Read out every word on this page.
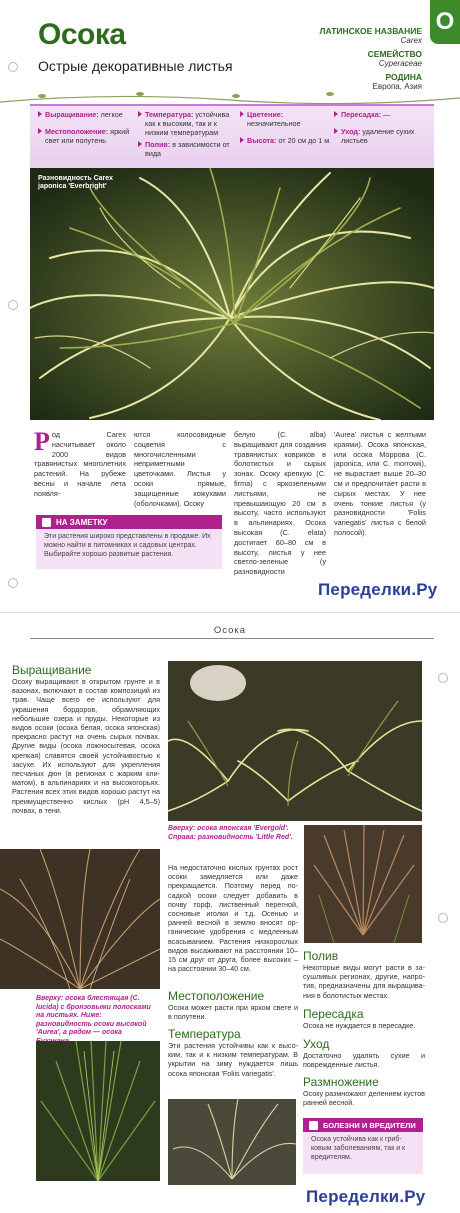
Осока
Острые декоративные листья
ЛАТИНСКОЕ НАЗВАНИЕ
Carex
СЕМЕЙСТВО
Cyperaceae
РОДИНА
Европа, Азия
О
Выращивание: легкое
Местоположение: яркий свет или полутень
Температура: устойчива как к высоким, так и к низким температурам
Полив: в зависимости от вида
Цветение: незначительное
Высота: от 20 см до 1 м
Пересадка: —
Уход: удаление сухих листьев
Разновидность Carex japonica 'Everbright'
Род Carex насчитывает около 2000 видов травянистых многолетних растений. На рубеже весны и начале лета появля-
ются колосовидные соцветия с многочисленными неприметными цветочками. Листья у осоки прямые, защищенные кожухами (оболочками). Осоку
белую (C. alba) выращивают для создания травянистых ковриков в болотистых и сырых зонах. Осоку крепкую (C. firma) с яркозелеными листьями, не превышающую 20 см в высоту, часто используют в альпинариях. Осока высокая (C. elata) достигает 60–80 см в высоту, листья у нее светло-зеленые (у разновидности
'Aurea' листья с желтыми краями). Осока японская, или осока Моррова (C. japonica, или C. morrowii), не вырастает выше 20–30 см и предпочитает расти в сырых местах. У нее очень тонкие листья (у разновидности 'Foliis variegatis' листья с белой полосой).
НА ЗАМЕТКУ
Эти растения широко представлены в продаже. Их можно найти в питомниках и садовых центрах. Выбирайте хорошо развитые растения.
Переделки.Ру
Осока
Выращивание
Осоку выращивают в открытом грунте и в вазонах, включают в состав композиций из трав. Чаще всего ее используют для украшения бордоров, обрамляющих небольшие озера и пруды. Некоторые из видов осоки (осока белая, осока японская) прекрасно растут на очень сырых почвах. Другие виды (осока ложносытевая, осока крепкая) славятся своей устойчивостью к засухе. Их используют для укрепления песчаных дюн (в регионах с жарким климатом), в альпинариях и на высокогорьях. Растения всех этих видов хорошо растут на преимущественно кислых (pH 4,5–5) почвах, в тени.
Вверху: осока японская 'Evergold'. Справа: разновидность 'Little Red'.
На недостаточно кислых грунтах рост осоки замедляется или даже прекращается. Поэтому перед посадкой осоки следует добавить в почву торф, лиственный перегной, сосновые иголки и т.д. Осенью и ранней весной в землю вносят органические удобрения с медленным всасыванием. Растения низкорослых видов высаживают на расстоянии 10–15 см друг от друга, более высоких – на расстоянии 30–40 см.
Вверху: осока блестящая (C. lucida) с бронзовыми полосками на листьях. Ниже: разновидность осоки высокой 'Aurea', а рядом — осока
Местоположение
Осока может расти при ярком свете и в полутени.
Температура
Эти растения устойчивы как к высоким, так и к низким температурам. В укрытии на зиму нуждается лишь осока японская 'Foliis variegatis'.
Полив
Некоторые виды могут расти в засушливых регионах, другие, напротив, предназначены для выращивания в болотистых местах.
Пересадка
Осока не нуждается в пересадке.
Уход
Достаточно удалять сухие и поврежденные листья.
Размножение
Осоку размножают делением кустов ранней весной.
БОЛЕЗНИ И ВРЕДИТЕЛИ
Осока устойчива как к грибковым заболеваниям, так и к вредителям.
Переделки.Ру
